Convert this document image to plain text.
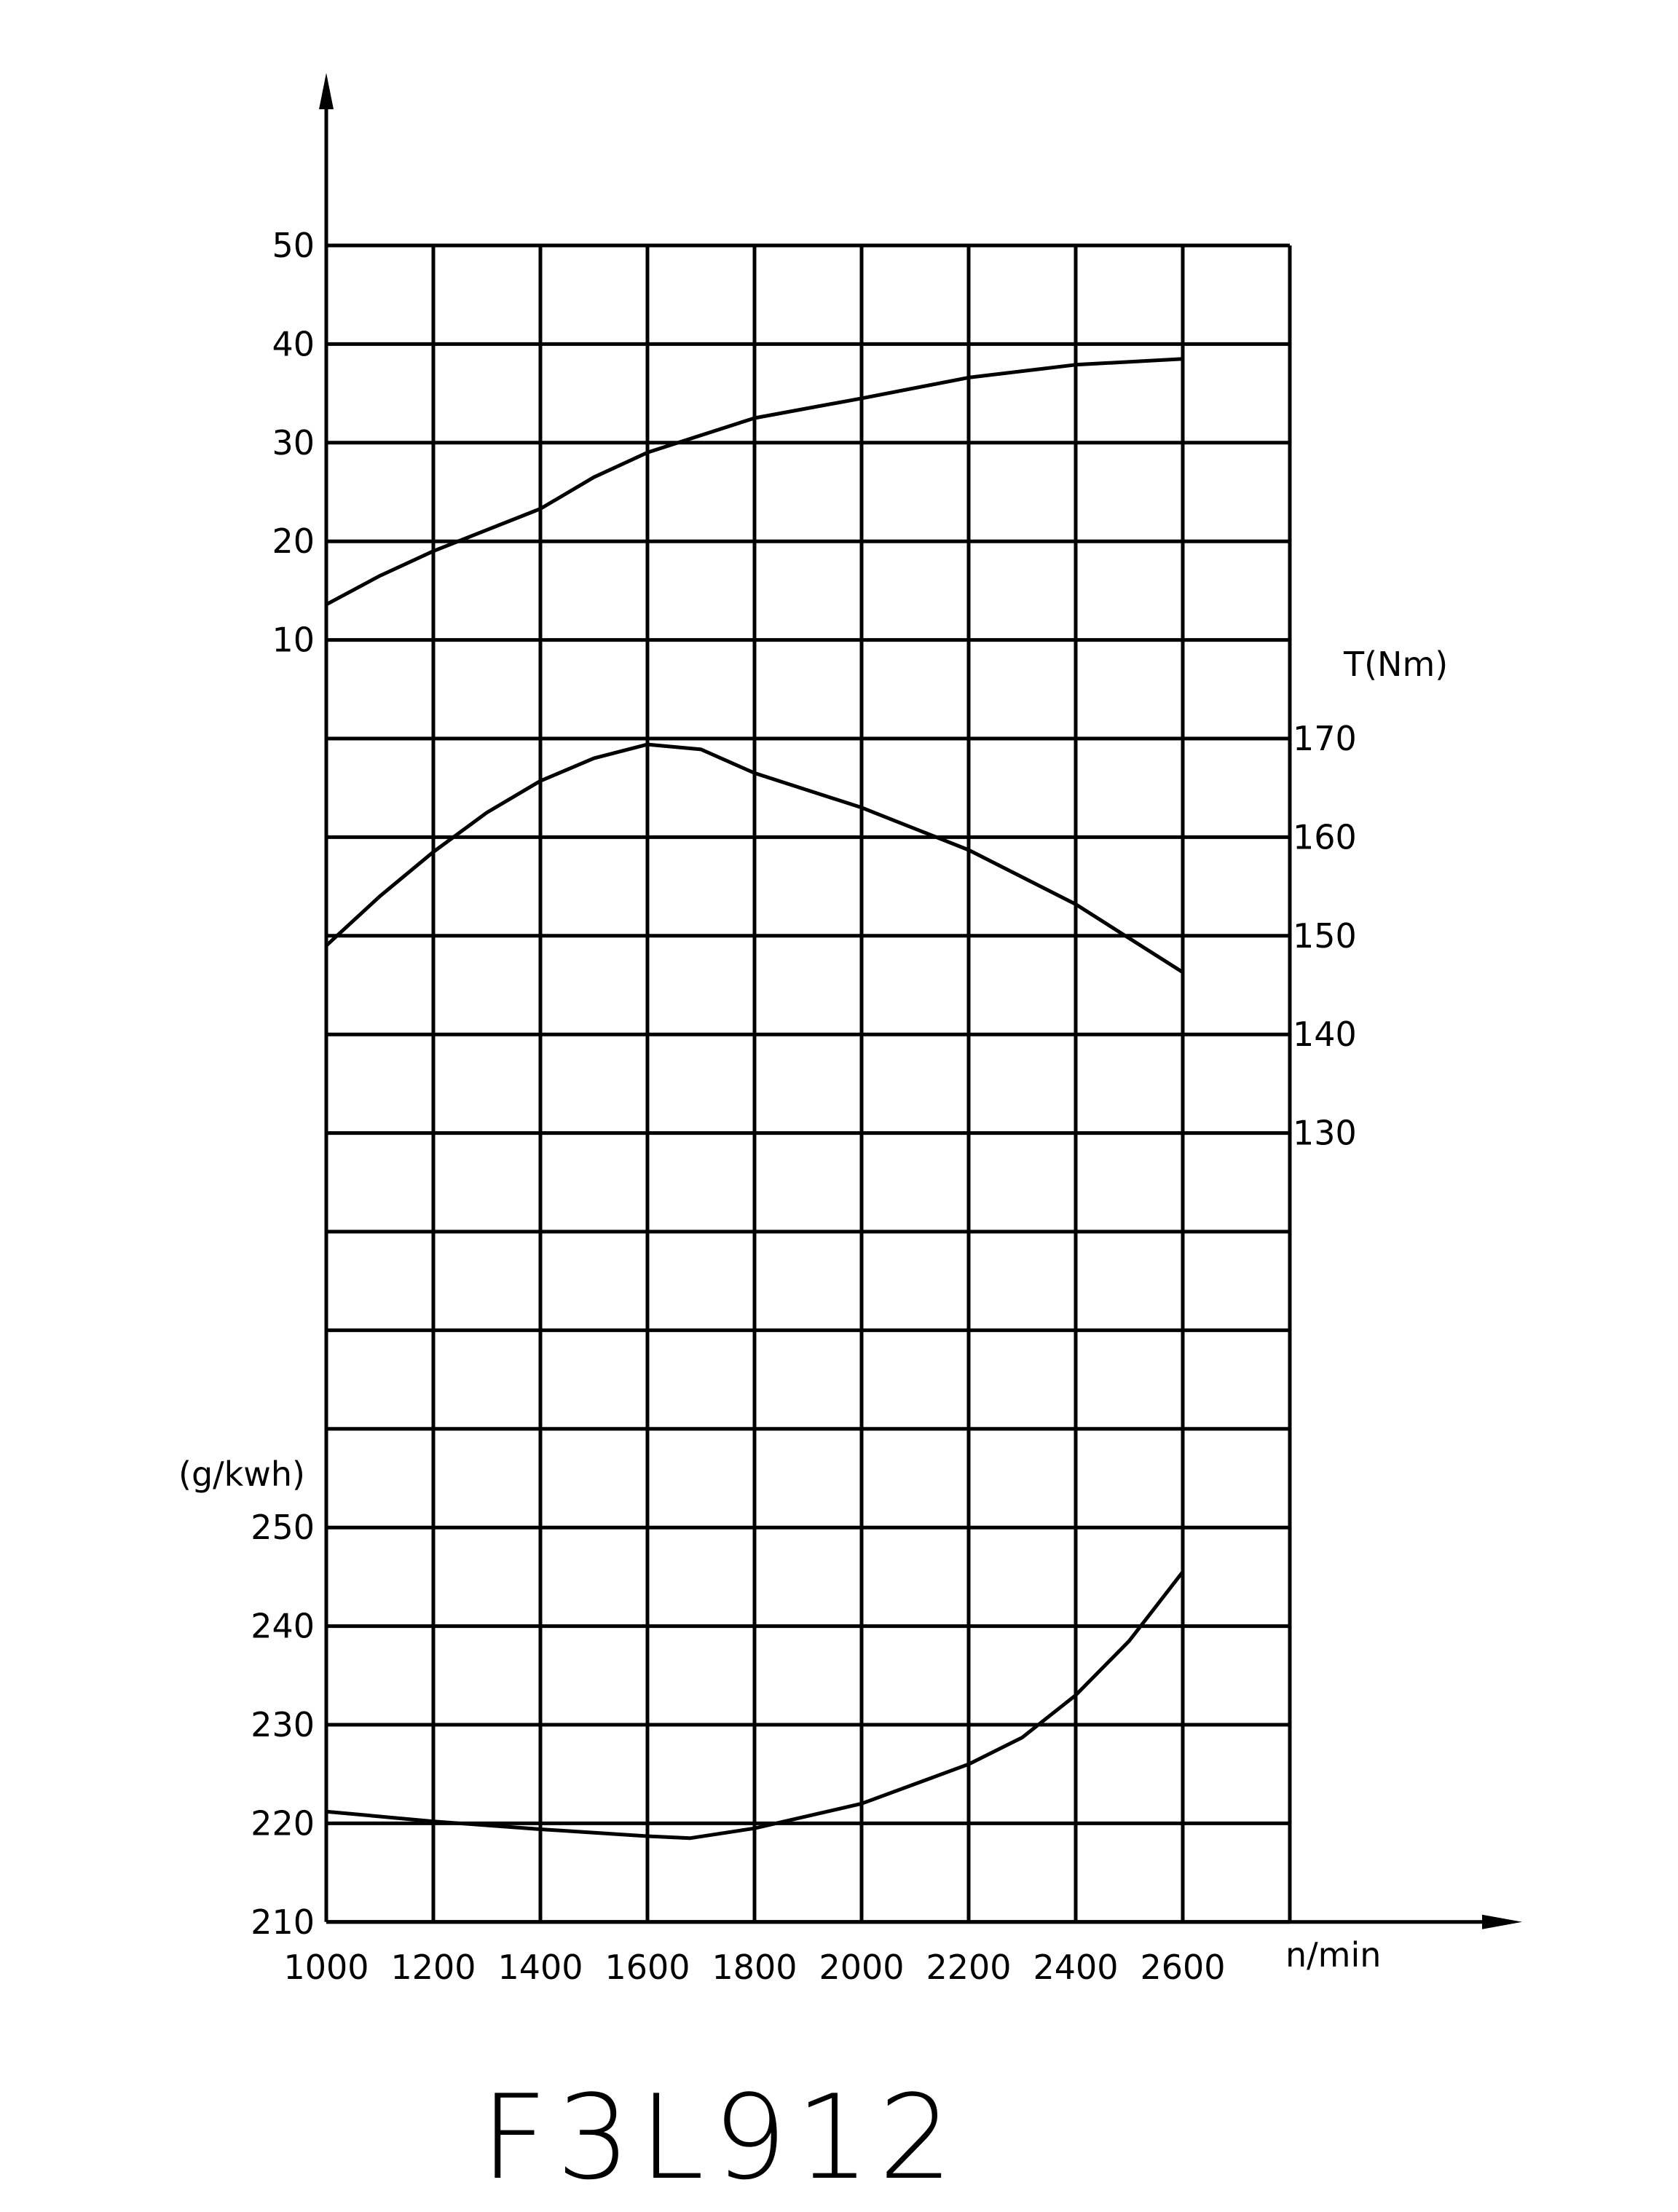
1000 1200 1400 1600 1800 2000 2200 2400 2600
10
20
30
40
50
130
140
150
160
170
210
220
230
240
250
T(Nm)
(g/kwh)
n/min
F3L912
